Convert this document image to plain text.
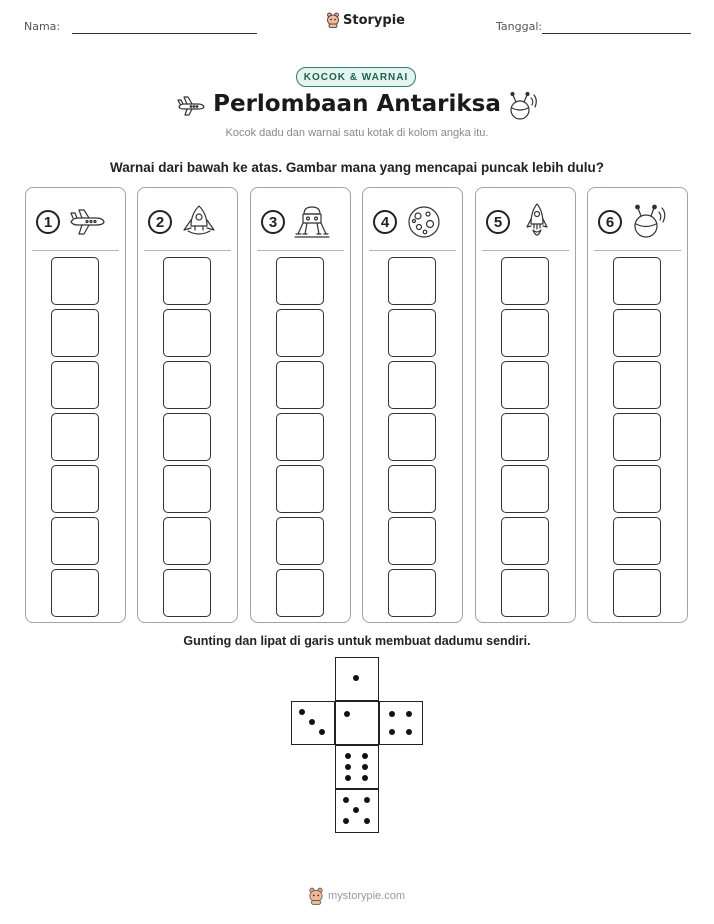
Nama:	Storypie	Tanggal:
KOCOK & WARNAI
Perlombaan Antariksa
Kocok dadu dan warnai satu kotak di kolom angka itu.
Warnai dari bawah ke atas. Gambar mana yang mencapai puncak lebih dulu?
1	2	3	4	5	6
Gunting dan lipat di garis untuk membuat dadumu sendiri.
mystorypie.com
